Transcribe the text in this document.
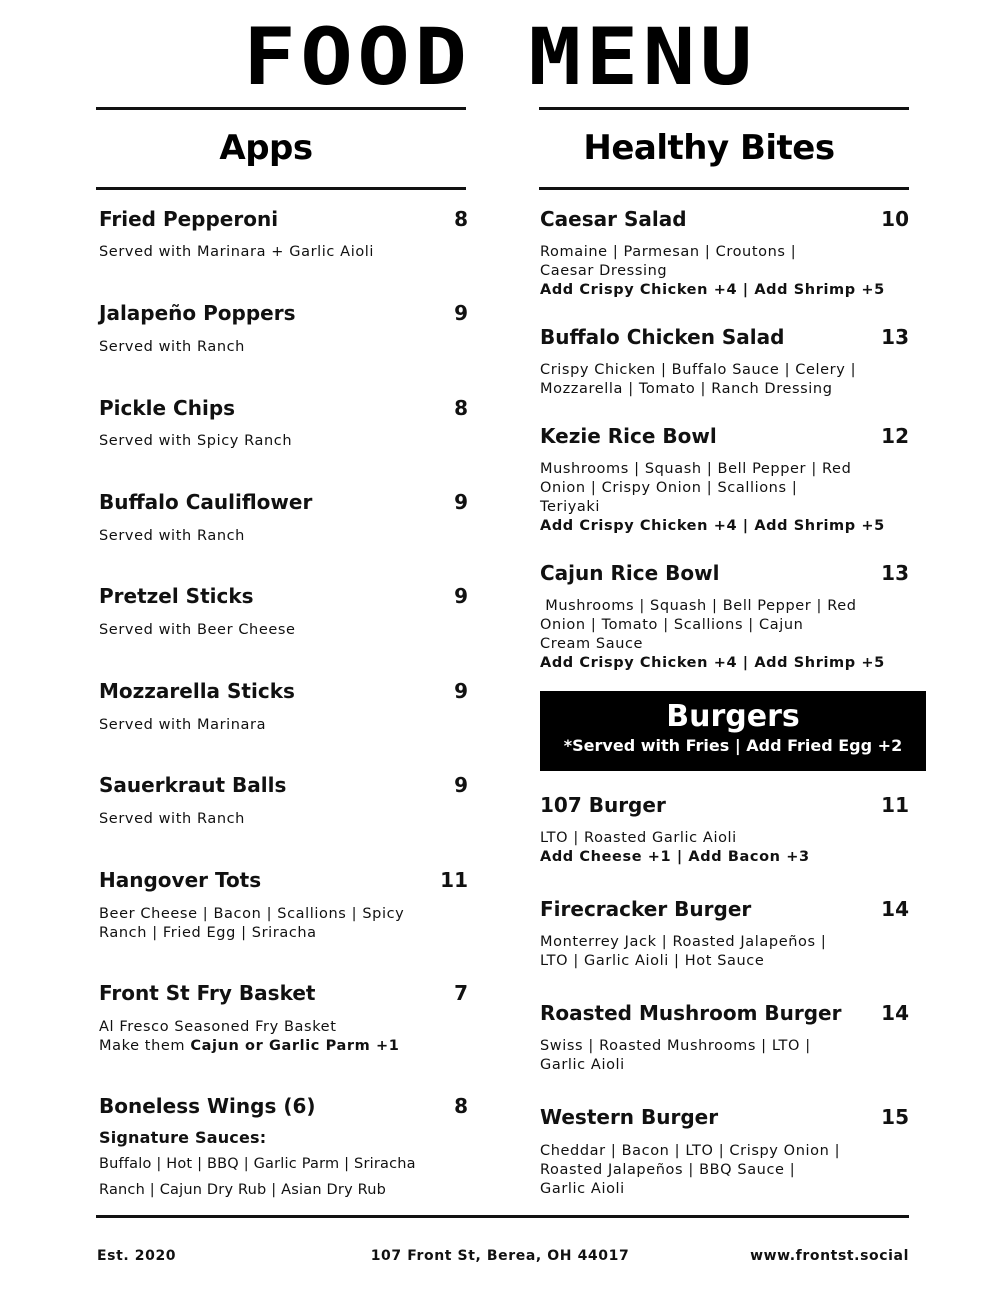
FOOD MENU
Apps
Fried Pepperoni	8
Served with Marinara + Garlic Aioli
Jalapeño Poppers	9
Served with Ranch
Pickle Chips	8
Served with Spicy Ranch
Buffalo Cauliflower	9
Served with Ranch
Pretzel Sticks	9
Served with Beer Cheese
Mozzarella Sticks	9
Served with Marinara
Sauerkraut Balls	9
Served with Ranch
Hangover Tots	11
Beer Cheese | Bacon | Scallions | Spicy
Ranch | Fried Egg | Sriracha
Front St Fry Basket	7
Al Fresco Seasoned Fry Basket
Make them Cajun or Garlic Parm +1
Boneless Wings (6)	8
Signature Sauces:
Buffalo | Hot | BBQ | Garlic Parm | Sriracha
Ranch | Cajun Dry Rub | Asian Dry Rub
Healthy Bites
Caesar Salad	10
Romaine | Parmesan | Croutons |
Caesar Dressing
Add Crispy Chicken +4 | Add Shrimp +5
Buffalo Chicken Salad	13
Crispy Chicken | Buffalo Sauce | Celery |
Mozzarella | Tomato | Ranch Dressing
Kezie Rice Bowl	12
Mushrooms | Squash | Bell Pepper | Red
Onion | Crispy Onion | Scallions |
Teriyaki
Add Crispy Chicken +4 | Add Shrimp +5
Cajun Rice Bowl	13
Mushrooms | Squash | Bell Pepper | Red
Onion | Tomato | Scallions | Cajun
Cream Sauce
Add Crispy Chicken +4 | Add Shrimp +5
Burgers
*Served with Fries | Add Fried Egg +2
107 Burger	11
LTO | Roasted Garlic Aioli
Add Cheese +1 | Add Bacon +3
Firecracker Burger	14
Monterrey Jack | Roasted Jalapeños |
LTO | Garlic Aioli | Hot Sauce
Roasted Mushroom Burger	14
Swiss | Roasted Mushrooms | LTO |
Garlic Aioli
Western Burger	15
Cheddar | Bacon | LTO | Crispy Onion |
Roasted Jalapeños | BBQ Sauce |
Garlic Aioli
Est. 2020	107 Front St, Berea, OH 44017	www.frontst.social
